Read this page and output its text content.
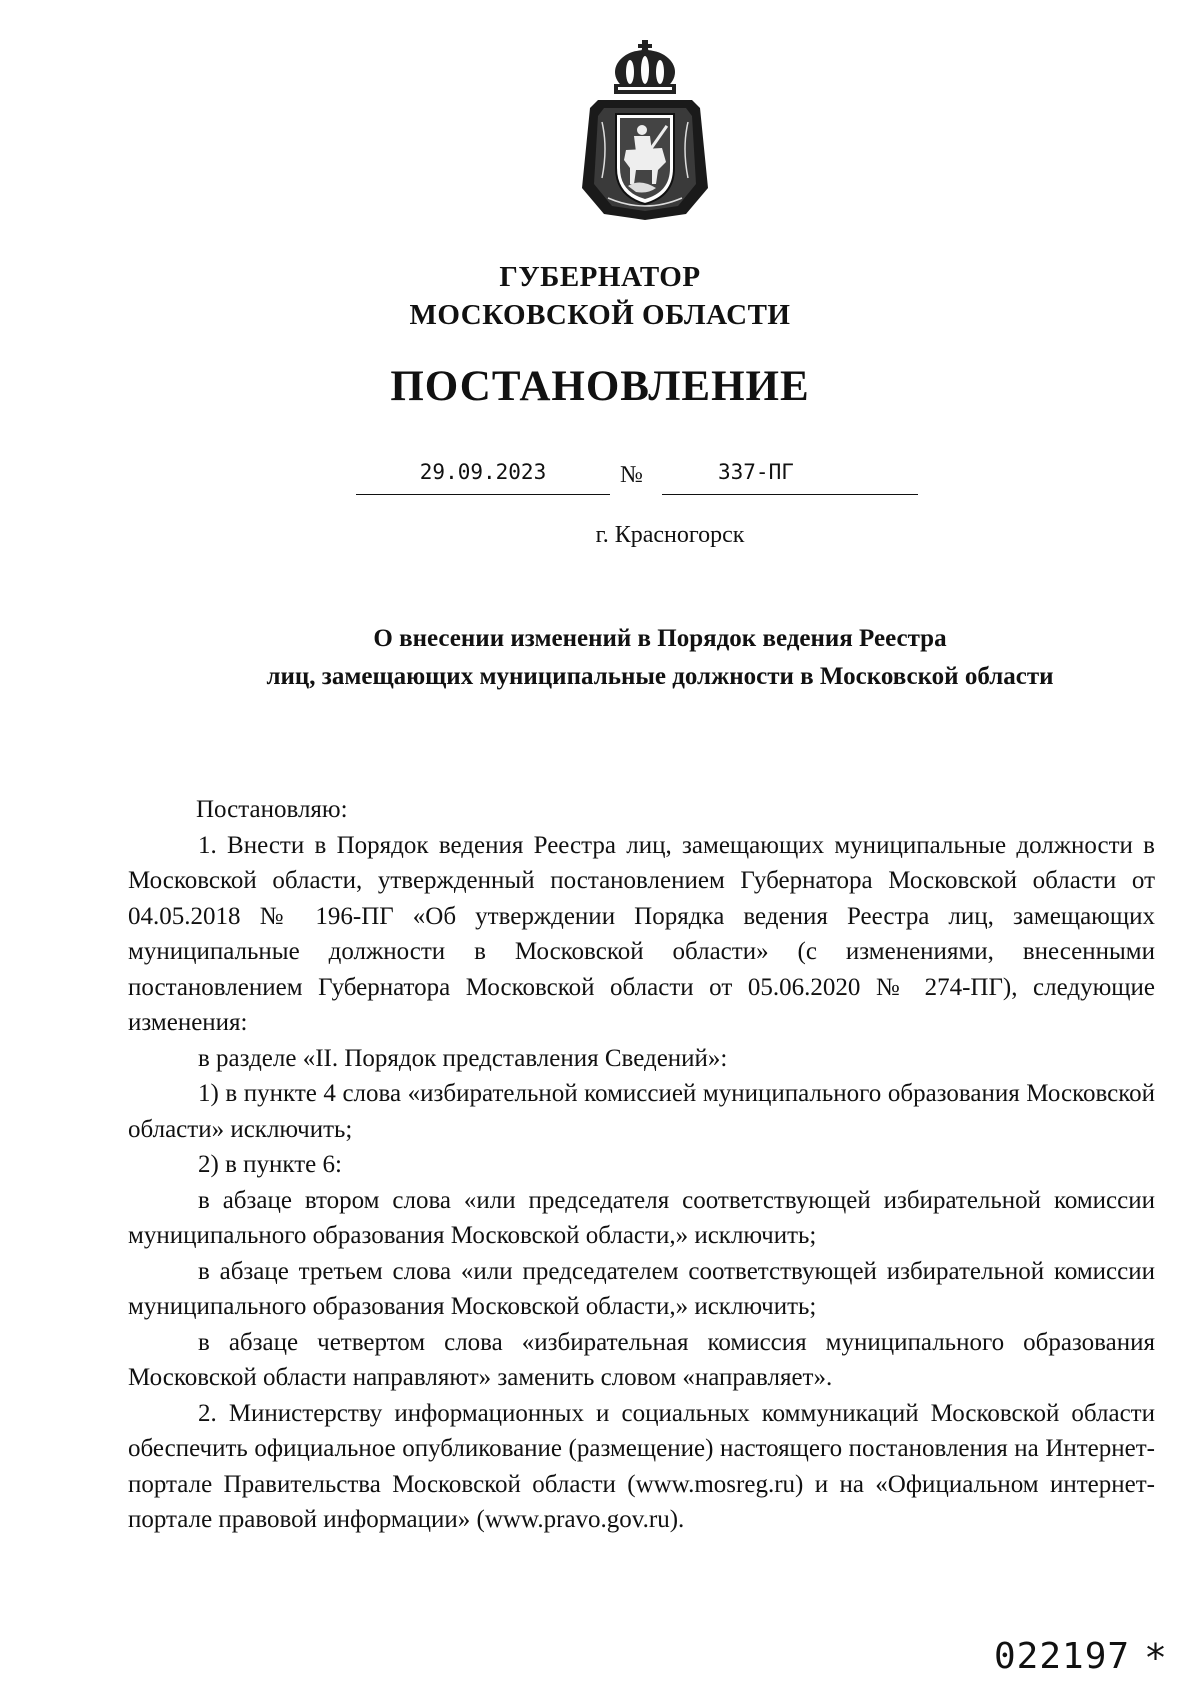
ГУБЕРНАТОР
МОСКОВСКОЙ ОБЛАСТИ
ПОСТАНОВЛЕНИЕ
29.09.2023	№	337-ПГ
г. Красногорск
О внесении изменений в Порядок ведения Реестра
лиц, замещающих муниципальные должности в Московской области

Постановляю:

1. Внести в Порядок ведения Реестра лиц, замещающих муниципальные должности в Московской области, утвержденный постановлением Губернатора Московской области от 04.05.2018 № 196-ПГ «Об утверждении Порядка ведения Реестра лиц, замещающих муниципальные должности в Московской области» (с изменениями, внесенными постановлением Губернатора Московской области от 05.06.2020 № 274-ПГ), следующие изменения:

в разделе «II. Порядок представления Сведений»:

1) в пункте 4 слова «избирательной комиссией муниципального образования Московской области» исключить;

2) в пункте 6:

в абзаце втором слова «или председателя соответствующей избирательной комиссии муниципального образования Московской области,» исключить;

в абзаце третьем слова «или председателем соответствующей избирательной комиссии муниципального образования Московской области,» исключить;

в абзаце четвертом слова «избирательная комиссия муниципального образования Московской области направляют» заменить словом «направляет».

2. Министерству информационных и социальных коммуникаций Московской области обеспечить официальное опубликование (размещение) настоящего постановления на Интернет-портале Правительства Московской области (www.mosreg.ru) и на «Официальном интернет-портале правовой информации» (www.pravo.gov.ru).

022197 *
